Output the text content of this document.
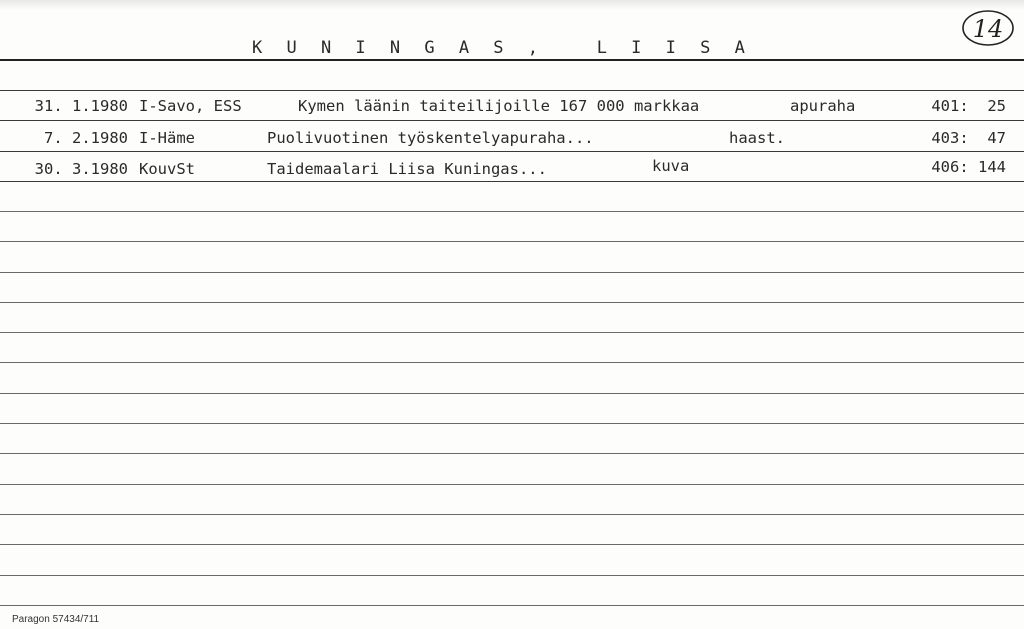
K U N I N G A S ,   L I I S A
14
31. 1.1980 I-Savo, ESS	Kymen läänin taiteilijoille 167 000 markkaa	apuraha	401:  25
7. 2.1980 I-Häme	Puolivuotinen työskentelyapuraha...	haast.	403:  47
30. 3.1980 KouvSt	Taidemaalari Liisa Kuningas...	kuva	406: 144
Paragon 57434/711
